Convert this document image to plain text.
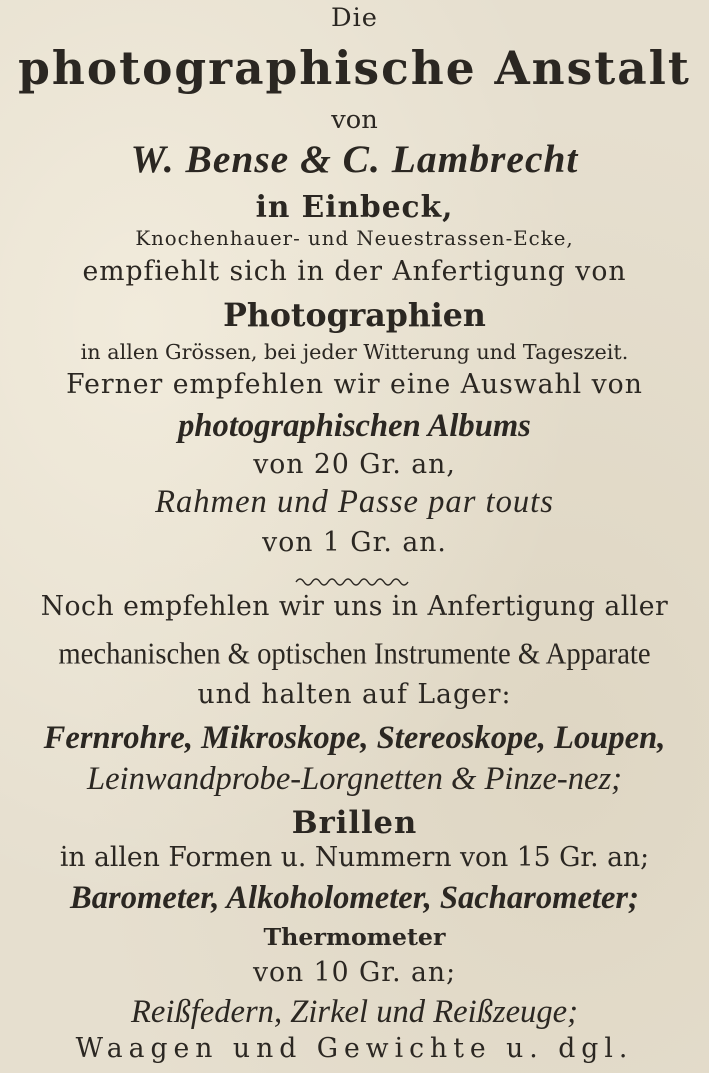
Die
photographische Anstalt
von
W. Bense & C. Lambrecht
in Einbeck,
Knochenhauer- und Neuestrassen-Ecke,
empfiehlt sich in der Anfertigung von
Photographien
in allen Grössen, bei jeder Witterung und Tageszeit.
Ferner empfehlen wir eine Auswahl von
photographischen Albums
von 20 Gr. an,
Rahmen und Passe par touts
von 1 Gr. an.
Noch empfehlen wir uns in Anfertigung aller
mechanischen & optischen Instrumente & Apparate
und halten auf Lager:
Fernrohre, Mikroskope, Stereoskope, Loupen,
Leinwandprobe-Lorgnetten & Pinze-nez;
Brillen
in allen Formen u. Nummern von 15 Gr. an;
Barometer, Alkoholometer, Sacharometer;
Thermometer
von 10 Gr. an;
Reißfedern, Zirkel und Reißzeuge;
Waagen und Gewichte u. dgl.
